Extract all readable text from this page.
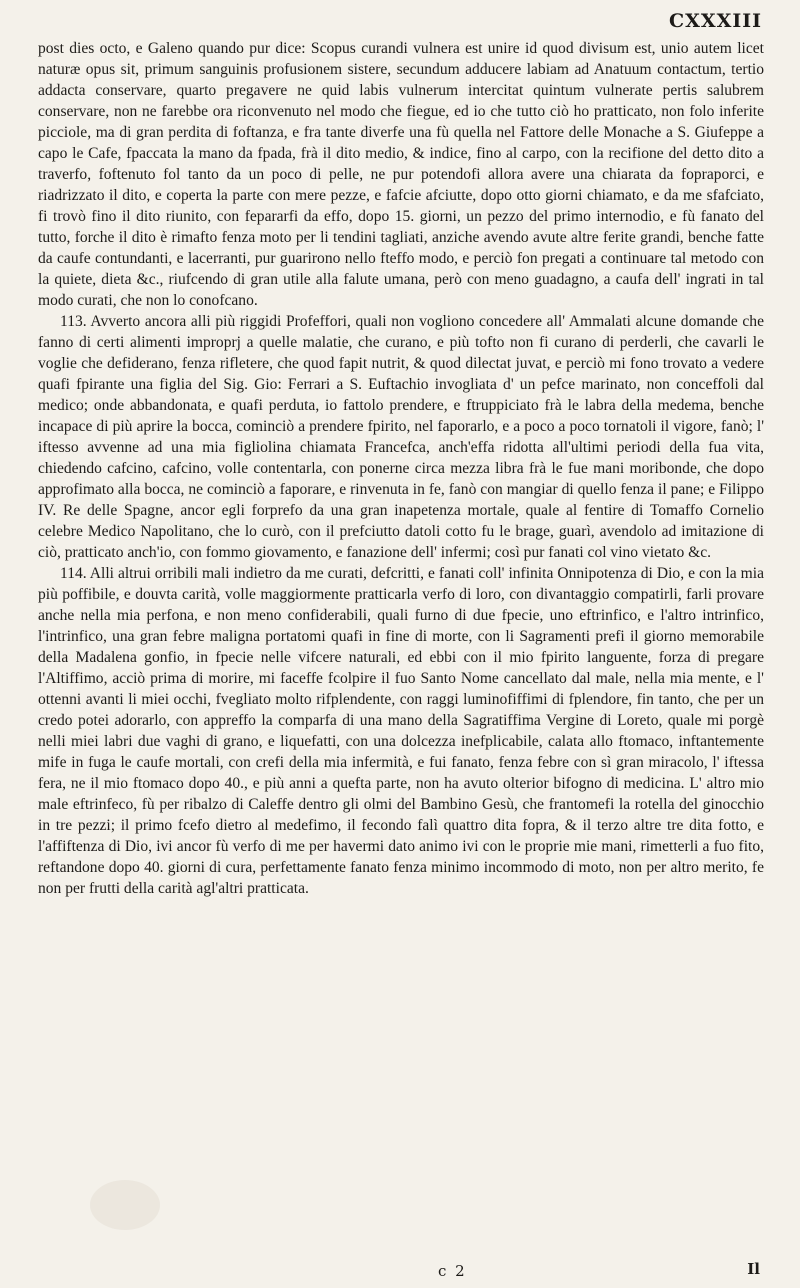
CXXXIII

post dies octo, e Galeno quando pur dice: Scopus curandi vulnera est unire id quod divisum est, unio autem licet naturæ opus sit, primum sanguinis profusionem sistere, secundum adducere labiam ad Anatuum contactum, tertio addacta conservare, quarto pregavere ne quid labis vulnerum intercitat quintum vulnerate pertis salubrem conservare, non ne farebbe ora riconvenuto nel modo che fiegue, ed io che tutto ciò ho pratticato, non folo inferite picciole, ma di gran perdita di foftanza, e fra tante diverfe una fù quella nel Fattore delle Monache a S. Giufeppe a capo le Cafe, fpaccata la mano da fpada, frà il dito medio, & indice, fino al carpo, con la recifione del detto dito a traverfo, foftenuto fol tanto da un poco di pelle, ne pur potendofi allora avere una chiarata da fopraporci, e riadrizzato il dito, e coperta la parte con mere pezze, e fafcie afciutte, dopo otto giorni chiamato, e da me sfafciato, fi trovò fino il dito riunito, con fepararfi da effo, dopo 15. giorni, un pezzo del primo internodio, e fù fanato del tutto, forche il dito è rimafto fenza moto per li tendini tagliati, anziche avendo avute altre ferite grandi, benche fatte da caufe contundanti, e lacerranti, pur guarirono nello fteffo modo, e perciò fon pregati a continuare tal metodo con la quiete, dieta &c., riufcendo di gran utile alla falute umana, però con meno guadagno, a caufa dell' ingrati in tal modo curati, che non lo conofcano.

113. Avverto ancora alli più riggidi Profeffori, quali non vogliono concedere all' Ammalati alcune domande che fanno di certi alimenti improprj a quelle malatie, che curano, e più tofto non fi curano di perderli, che cavarli le voglie che defiderano, fenza rifletere, che quod fapit nutrit, & quod dilectat juvat, e perciò mi fono trovato a vedere quafi fpirante una figlia del Sig. Gio: Ferrari a S. Euftachio invogliata d' un pefce marinato, non conceffoli dal medico; onde abbandonata, e quafi perduta, io fattolo prendere, e ftruppiciato frà le labra della medema, benche incapace di più aprire la bocca, cominciò a prendere fpirito, nel faporarlo, e a poco a poco tornatoli il vigore, fanò; l' iftesso avvenne ad una mia figliolina chiamata Francefca, anch'effa ridotta all'ultimi periodi della fua vita, chiedendo cafcino, cafcino, volle contentarla, con ponerne circa mezza libra frà le fue mani moribonde, che dopo approfimato alla bocca, ne cominciò a faporare, e rinvenuta in fe, fanò con mangiar di quello fenza il pane; e Filippo IV. Re delle Spagne, ancor egli forprefo da una gran inapetenza mortale, quale al fentire di Tomaffo Cornelio celebre Medico Napolitano, che lo curò, con il prefciutto datoli cotto fu le brage, guarì, avendolo ad imitazione di ciò, pratticato anch'io, con fommo giovamento, e fanazione dell' infermi; così pur fanati col vino vietato &c.

114. Alli altrui orribili mali indietro da me curati, defcritti, e fanati coll' infinita Onnipotenza di Dio, e con la mia più poffibile, e douvta carità, volle maggiormente pratticarla verfo di loro, con divantaggio compatirli, farli provare anche nella mia perfona, e non meno confiderabili, quali furno di due fpecie, uno eftrinfico, e l'altro intrinfico, l'intrinfico, una gran febre maligna portatomi quafi in fine di morte, con li Sagramenti prefi il giorno memorabile della Madalena gonfio, in fpecie nelle vifcere naturali, ed ebbi con il mio fpirito languente, forza di pregare l'Altiffimo, acciò prima di morire, mi faceffe fcolpire il fuo Santo Nome cancellato dal male, nella mia mente, e l' ottenni avanti li miei occhi, fvegliato molto rifplendente, con raggi luminofiffimi di fplendore, fin tanto, che per un credo potei adorarlo, con appreffo la comparfa di una mano della Sagratiffima Vergine di Loreto, quale mi porgè nelli miei labri due vaghi di grano, e liquefatti, con una dolcezza inefplicabile, calata allo ftomaco, inftantemente mife in fuga le caufe mortali, con crefi della mia infermità, e fui fanato, fenza febre con sì gran miracolo, l' iftessa fera, ne il mio ftomaco dopo 40., e più anni a quefta parte, non ha avuto olterior bifogno di medicina. L' altro mio male eftrinfeco, fù per ribalzo di Caleffe dentro gli olmi del Bambino Gesù, che frantomefi la rotella del ginocchio in tre pezzi; il primo fcefo dietro al medefimo, il fecondo falì quattro dita fopra, & il terzo altre tre dita fotto, e l'affiftenza di Dio, ivi ancor fù verfo di me per havermi dato animo ivi con le proprie mie mani, rimetterli a fuo fito, reftandone dopo 40. giorni di cura, perfettamente fanato fenza minimo incommodo di moto, non per altro merito, fe non per frutti della carità agl'altri pratticata.

c 2	Il
